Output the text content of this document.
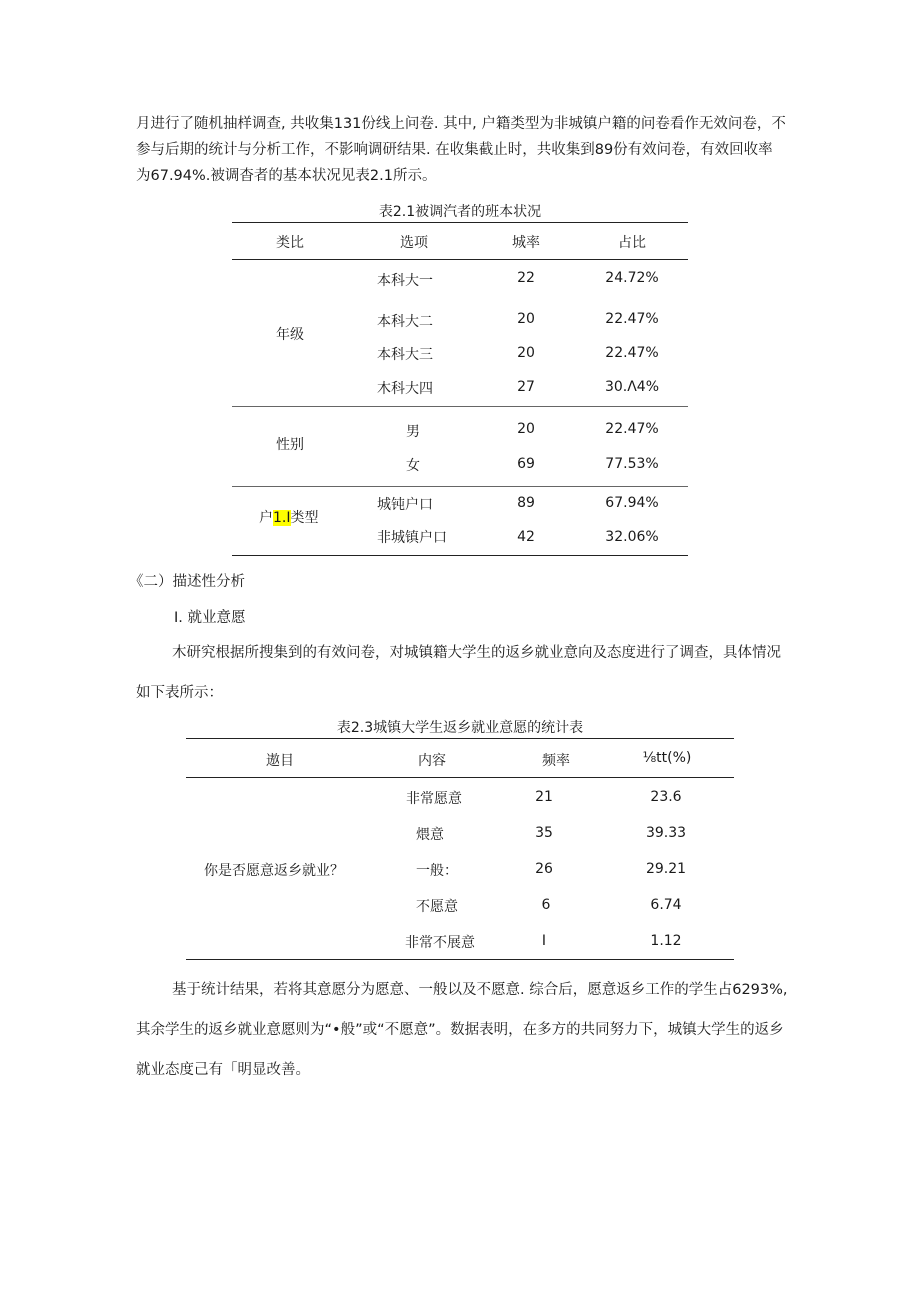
月进行了随机抽样调查, 共收集131份线上问卷. 其中, 户籍类型为非城镇户籍的问卷看作无效问卷，不参与后期的统计与分析工作，不影响调研结果. 在收集截止时，共收集到89份有效问卷，有效回收率为67.94%.被调杳者的基本状况见表2.1所示。

表2.1被调汽者的班本状况
类比	选项	城率	占比
年级
本科大一	22	24.72%
本科大二	20	22.47%
本科大三	20	22.47%
木科大四	27	30.Λ4%
性别
男	20	22.47%
女	69	77.53%
户1.I类型
城钝户口	89	67.94%
非城镇户口	42	32.06%
《二）描述性分析
I. 就业意愿

木研究根据所搜集到的有效问卷，对城镇籍大学生的返乡就业意向及态度进行了调查，具体情况如下表所示：

表2.3城镇大学生返乡就业意愿的统计表
遨目	内容	频率	⅛tt(%)
你是否愿意返乡就业？
非常愿意	21	23.6
煨意	35	39.33
一般：	26	29.21
不愿意	6	6.74
非常不展意	I	1.12

基于统计结果，若将其意愿分为愿意、一般以及不愿意. 综合后，愿意返乡工作的学生占6293%,其余学生的返乡就业意愿则为“•般”或“不愿意”。数据表明，在多方的共同努力下，城镇大学生的返乡就业态度己有「明显改善。
